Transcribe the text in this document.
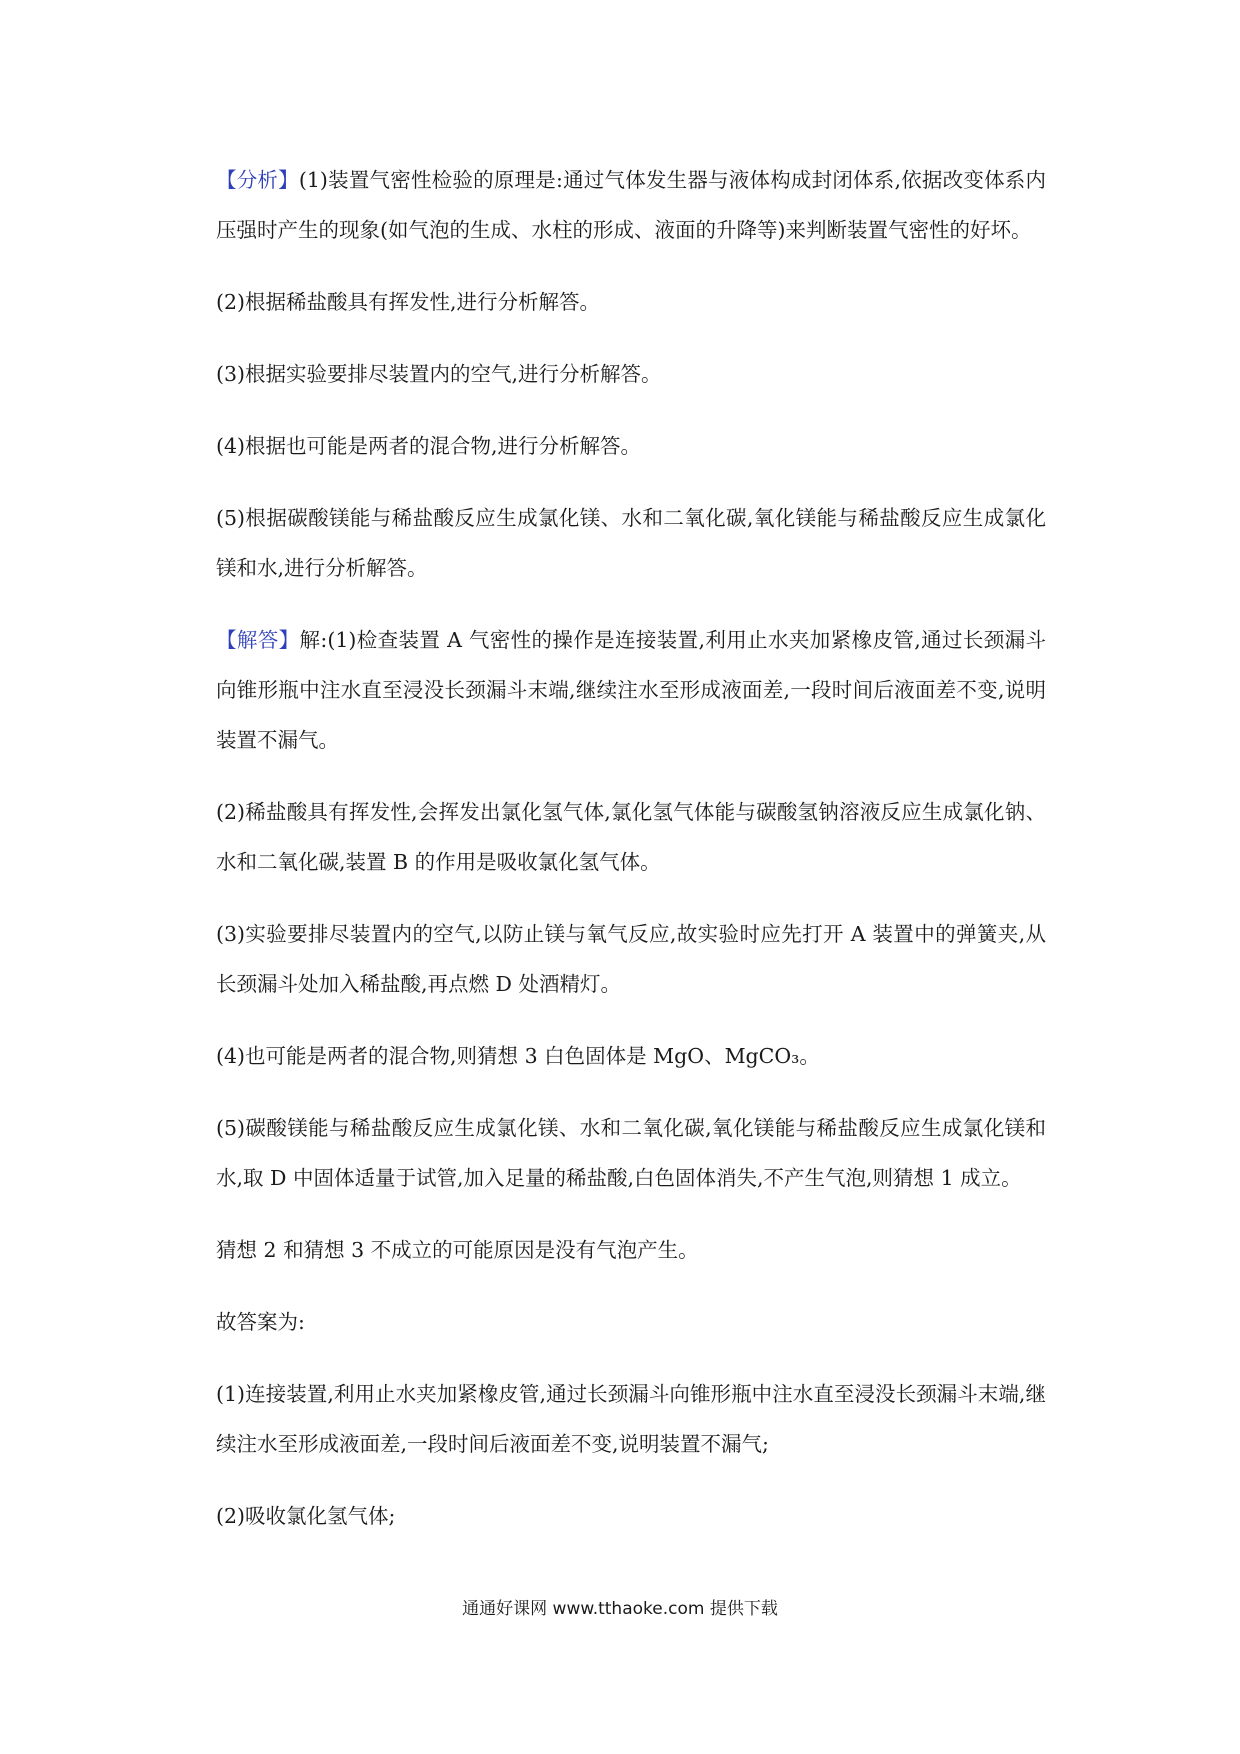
【分析】(1)装置气密性检验的原理是:通过气体发生器与液体构成封闭体系,依据改变体系内压强时产生的现象(如气泡的生成、水柱的形成、液面的升降等)来判断装置气密性的好坏。

(2)根据稀盐酸具有挥发性,进行分析解答。

(3)根据实验要排尽装置内的空气,进行分析解答。

(4)根据也可能是两者的混合物,进行分析解答。

(5)根据碳酸镁能与稀盐酸反应生成氯化镁、水和二氧化碳,氧化镁能与稀盐酸反应生成氯化镁和水,进行分析解答。

【解答】解:(1)检查装置 A 气密性的操作是连接装置,利用止水夹加紧橡皮管,通过长颈漏斗向锥形瓶中注水直至浸没长颈漏斗末端,继续注水至形成液面差,一段时间后液面差不变,说明装置不漏气。

(2)稀盐酸具有挥发性,会挥发出氯化氢气体,氯化氢气体能与碳酸氢钠溶液反应生成氯化钠、水和二氧化碳,装置 B 的作用是吸收氯化氢气体。

(3)实验要排尽装置内的空气,以防止镁与氧气反应,故实验时应先打开 A 装置中的弹簧夹,从长颈漏斗处加入稀盐酸,再点燃 D 处酒精灯。

(4)也可能是两者的混合物,则猜想 3 白色固体是 MgO、MgCO₃。

(5)碳酸镁能与稀盐酸反应生成氯化镁、水和二氧化碳,氧化镁能与稀盐酸反应生成氯化镁和水,取 D 中固体适量于试管,加入足量的稀盐酸,白色固体消失,不产生气泡,则猜想 1 成立。

猜想 2 和猜想 3 不成立的可能原因是没有气泡产生。

故答案为:

(1)连接装置,利用止水夹加紧橡皮管,通过长颈漏斗向锥形瓶中注水直至浸没长颈漏斗末端,继续注水至形成液面差,一段时间后液面差不变,说明装置不漏气;

(2)吸收氯化氢气体;

通通好课网 www.tthaoke.com 提供下载
